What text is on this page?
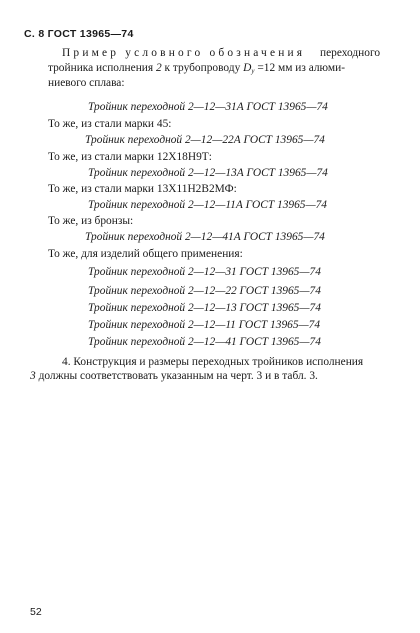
С. 8 ГОСТ 13965—74
Пример условного обозначения переходного
тройника исполнения 2 к трубопроводу $D_у =12$ мм из алюми-
ниевого сплава:
Тройник переходной 2—12—31А ГОСТ 13965—74
То же, из стали марки 45:
Тройник переходной 2—12—22А ГОСТ 13965—74
То же, из стали марки 12Х18Н9Т:
Тройник переходной 2—12—13А ГОСТ 13965—74
То же, из стали марки 13Х11Н2В2МФ:
Тройник переходной 2—12—11А ГОСТ 13965—74
То же, из бронзы:
Тройник переходной 2—12—41А ГОСТ 13965—74
То же, для изделий общего применения:
Тройник переходной 2—12—31 ГОСТ 13965—74
Тройник переходной 2—12—22 ГОСТ 13965—74
Тройник переходной 2—12—13 ГОСТ 13965—74
Тройник переходной 2—12—11 ГОСТ 13965—74
Тройник переходной 2—12—41 ГОСТ 13965—74
4. Конструкция и размеры переходных тройников исполнения
3 должны соответствовать указанным на черт. 3 и в табл. 3.
52
